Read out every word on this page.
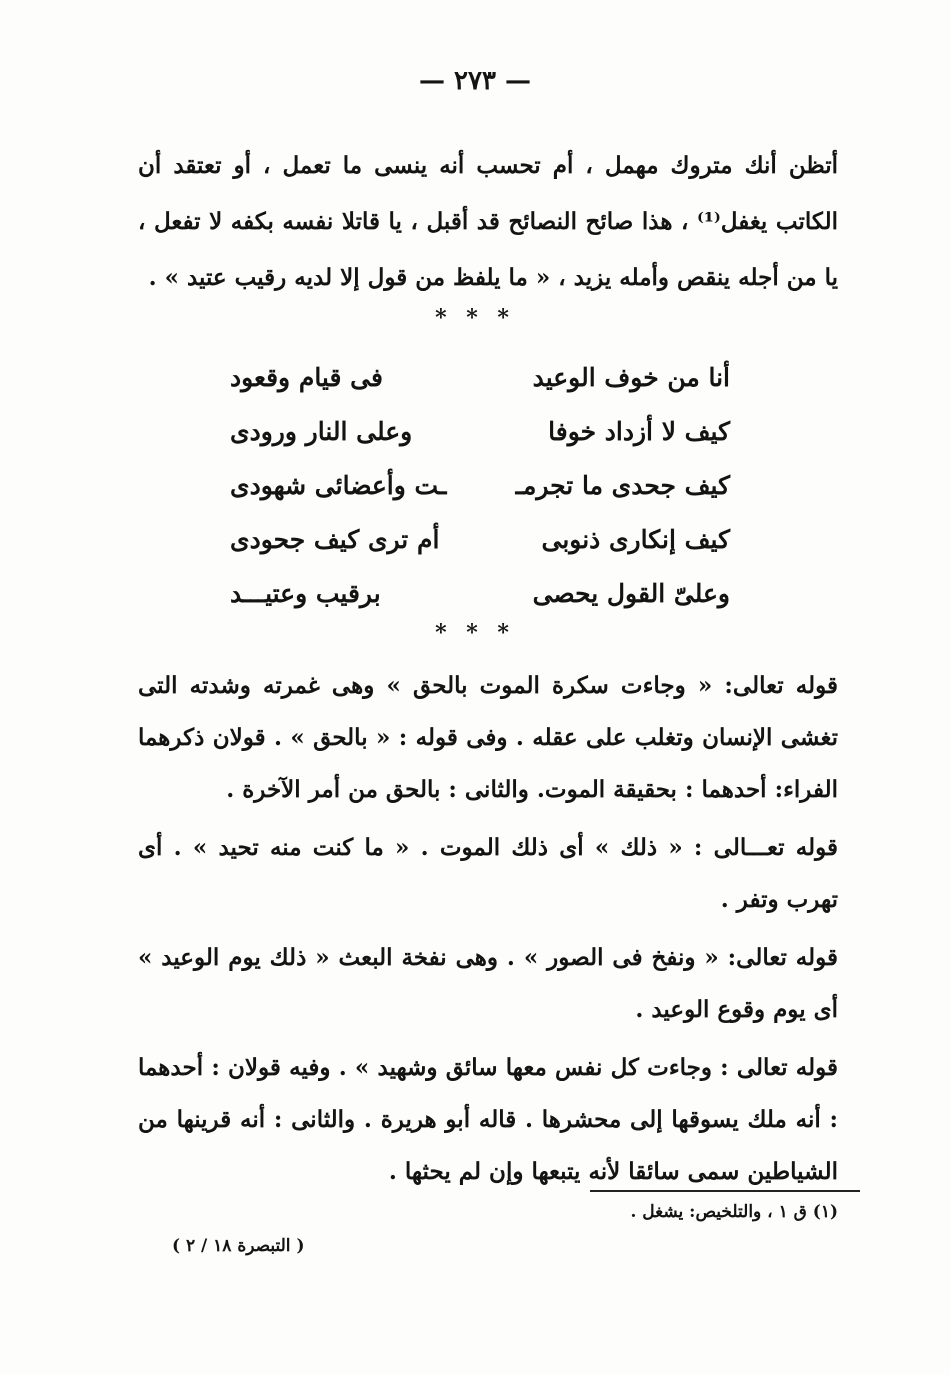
— ٢٧٣ —

أتظن أنك متروك مهمل ، أم تحسب أنه ينسى ما تعمل ، أو تعتقد أن الكاتب يغفل⁽¹⁾ ، هذا صائح النصائح قد أقبل ، يا قاتلا نفسه بكفه لا تفعل ، يا من أجله ينقص وأمله يزيد ، « ما يلفظ من قول إلا لديه رقيب عتيد » .

* * *
أنا من خوف الوعيد
فى قيام وقعود
كيف لا أزداد خوفا
وعلى النار ورودى
كيف جحدى ما تجرمـ
ـت وأعضائى شهودى
كيف إنكارى ذنوبى
أم ترى كيف جحودى
وعلىّ القول يحصى
برقيب وعتيـــد
* * *

قوله تعالى: « وجاءت سكرة الموت بالحق » وهى غمرته وشدته التى تغشى الإنسان وتغلب على عقله . وفى قوله : « بالحق » . قولان ذكرهما الفراء: أحدهما : بحقيقة الموت. والثانى : بالحق من أمر الآخرة .

قوله تعـــالى : « ذلك » أى ذلك الموت . « ما كنت منه تحيد » . أى تهرب وتفر .

قوله تعالى: « ونفخ فى الصور » . وهى نفخة البعث « ذلك يوم الوعيد » أى يوم وقوع الوعيد .

قوله تعالى : وجاءت كل نفس معها سائق وشهيد » . وفيه قولان : أحدهما : أنه ملك يسوقها إلى محشرها . قاله أبو هريرة . والثانى : أنه قرينها من الشياطين سمى سائقا لأنه يتبعها وإن لم يحثها .

(١) ق ١ ، والتلخيص: يشغل .
( التبصرة ١٨ / ٢ )
